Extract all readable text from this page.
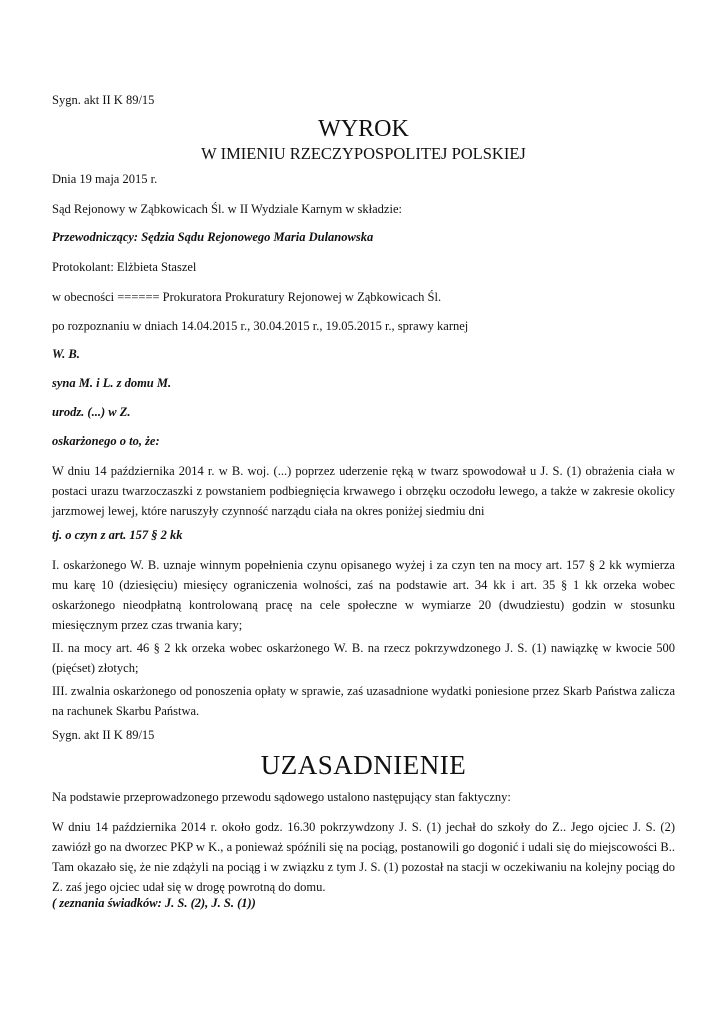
Sygn. akt II K 89/15
WYROK
W IMIENIU RZECZYPOSPOLITEJ POLSKIEJ
Dnia 19 maja 2015 r.
Sąd Rejonowy w Ząbkowicach Śl. w II Wydziale Karnym w składzie:
Przewodniczący: Sędzia Sądu Rejonowego Maria Dulanowska
Protokolant: Elżbieta Staszel
w obecności ====== Prokuratora Prokuratury Rejonowej w Ząbkowicach Śl.
po rozpoznaniu w dniach 14.04.2015 r., 30.04.2015 r., 19.05.2015 r., sprawy karnej
W. B.
syna M. i L. z domu M.
urodz. (...) w Z.
oskarżonego o to, że:
W dniu 14 października 2014 r. w B. woj. (...) poprzez uderzenie ręką w twarz spowodował u J. S. (1) obrażenia ciała w postaci urazu twarzoczaszki z powstaniem podbiegnięcia krwawego i obrzęku oczodołu lewego, a także w zakresie okolicy jarzmowej lewej, które naruszyły czynność narządu ciała na okres poniżej siedmiu dni
tj. o czyn z art. 157 § 2 kk
I. oskarżonego W. B. uznaje winnym popełnienia czynu opisanego wyżej i za czyn ten na mocy art. 157 § 2 kk wymierza mu karę 10 (dziesięciu) miesięcy ograniczenia wolności, zaś na podstawie art. 34 kk i art. 35 § 1 kk orzeka wobec oskarżonego nieodpłatną kontrolowaną pracę na cele społeczne w wymiarze 20 (dwudziestu) godzin w stosunku miesięcznym przez czas trwania kary;
II. na mocy art. 46 § 2 kk orzeka wobec oskarżonego W. B. na rzecz pokrzywdzonego J. S. (1) nawiązkę w kwocie 500 (pięćset) złotych;
III. zwalnia oskarżonego od ponoszenia opłaty w sprawie, zaś uzasadnione wydatki poniesione przez Skarb Państwa zalicza na rachunek Skarbu Państwa.
Sygn. akt II K 89/15
UZASADNIENIE
Na podstawie przeprowadzonego przewodu sądowego ustalono następujący stan faktyczny:
W dniu 14 października 2014 r. około godz. 16.30 pokrzywdzony J. S. (1) jechał do szkoły do Z.. Jego ojciec J. S. (2) zawiózł go na dworzec PKP w K., a ponieważ spóźnili się na pociąg, postanowili go dogonić i udali się do miejscowości B.. Tam okazało się, że nie zdążyli na pociąg i w związku z tym J. S. (1) pozostał na stacji w oczekiwaniu na kolejny pociąg do Z. zaś jego ojciec udał się w drogę powrotną do domu.
( zeznania świadków: J. S. (2), J. S. (1))
